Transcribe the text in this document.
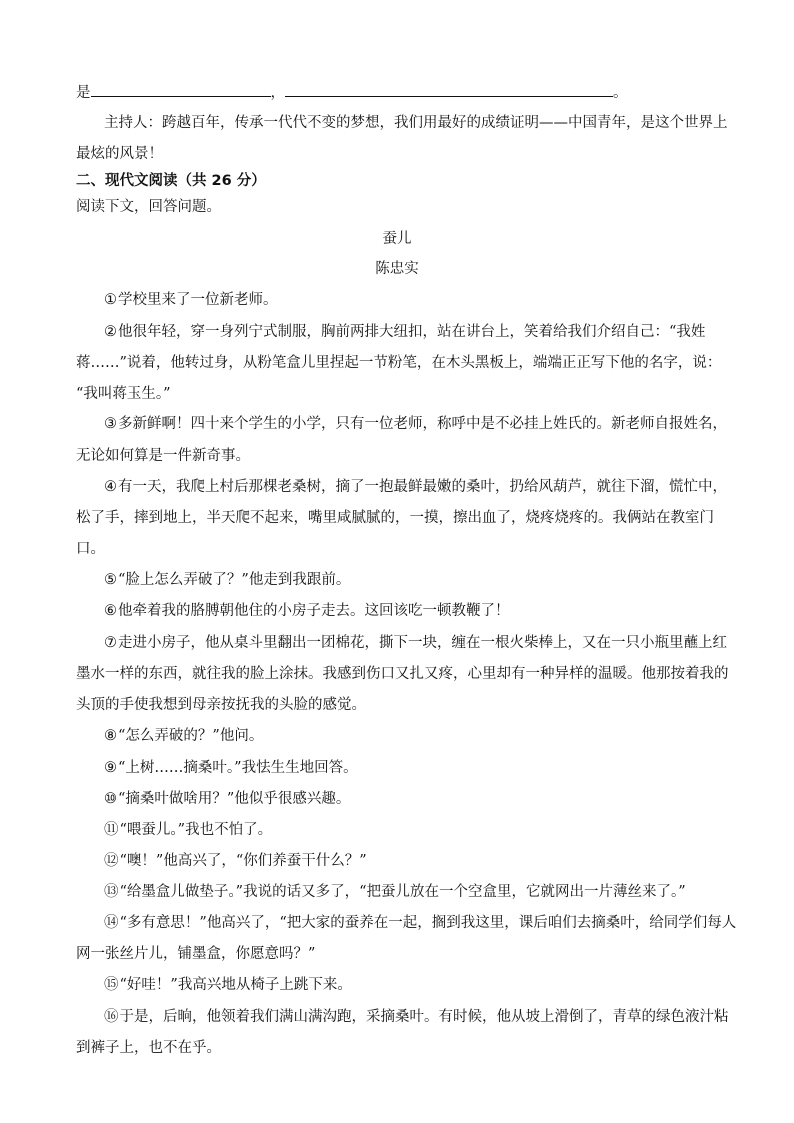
是	，	。
主持人：跨越百年，传承一代代不变的梦想，我们用最好的成绩证明——中国青年，是这个世界上
最炫的风景！
二、现代文阅读（共 26 分）
阅读下文，回答问题。
蚕儿
陈忠实
①学校里来了一位新老师。
②他很年轻，穿一身列宁式制服，胸前两排大纽扣，站在讲台上，笑着给我们介绍自己：“我姓
蒋……”说着，他转过身，从粉笔盒儿里捏起一节粉笔，在木头黑板上，端端正正写下他的名字，说：
“我叫蒋玉生。”
③多新鲜啊！四十来个学生的小学，只有一位老师，称呼中是不必挂上姓氏的。新老师自报姓名，
无论如何算是一件新奇事。
④有一天，我爬上村后那棵老桑树，摘了一抱最鲜最嫩的桑叶，扔给风葫芦，就往下溜，慌忙中，
松了手，摔到地上，半天爬不起来，嘴里咸腻腻的，一摸，擦出血了，烧疼烧疼的。我俩站在教室门
口。
⑤“脸上怎么弄破了？”他走到我跟前。
⑥他牵着我的胳膊朝他住的小房子走去。这回该吃一顿教鞭了！
⑦走进小房子，他从桌斗里翻出一团棉花，撕下一块，缠在一根火柴棒上，又在一只小瓶里蘸上红
墨水一样的东西，就往我的脸上涂抹。我感到伤口又扎又疼，心里却有一种异样的温暖。他那按着我的
头顶的手使我想到母亲按抚我的头脸的感觉。
⑧“怎么弄破的？”他问。
⑨“上树……摘桑叶。”我怯生生地回答。
⑩“摘桑叶做啥用？”他似乎很感兴趣。
⑪“喂蚕儿。”我也不怕了。
⑫“噢！”他高兴了，“你们养蚕干什么？”
⑬“给墨盒儿做垫子。”我说的话又多了，“把蚕儿放在一个空盒里，它就网出一片薄丝来了。”
⑭“多有意思！”他高兴了，“把大家的蚕养在一起，搁到我这里，课后咱们去摘桑叶，给同学们每人
网一张丝片儿，铺墨盒，你愿意吗？”
⑮“好哇！”我高兴地从椅子上跳下来。
⑯于是，后晌，他领着我们满山满沟跑，采摘桑叶。有时候，他从坡上滑倒了，青草的绿色液汁粘
到裤子上，也不在乎。
